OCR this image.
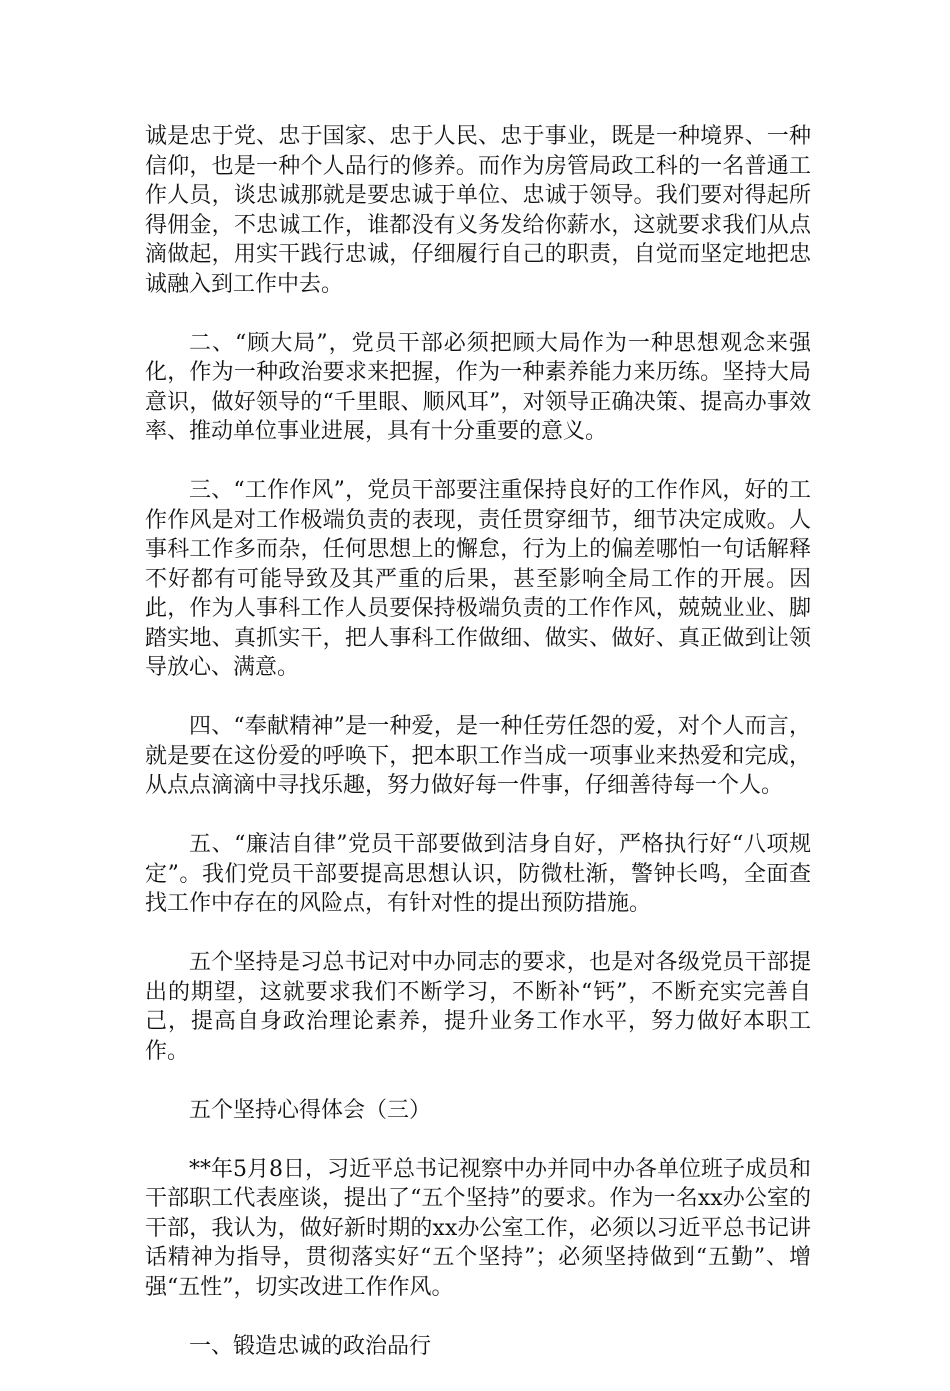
诚是忠于党、忠于国家、忠于人民、忠于事业，既是一种境界、一种信仰，也是一种个人品行的修养。而作为房管局政工科的一名普通工作人员，谈忠诚那就是要忠诚于单位、忠诚于领导。我们要对得起所得佣金，不忠诚工作，谁都没有义务发给你薪水，这就要求我们从点滴做起，用实干践行忠诚，仔细履行自己的职责，自觉而坚定地把忠诚融入到工作中去。

二、“顾大局”，党员干部必须把顾大局作为一种思想观念来强化，作为一种政治要求来把握，作为一种素养能力来历练。坚持大局意识，做好领导的“千里眼、顺风耳”，对领导正确决策、提高办事效率、推动单位事业进展，具有十分重要的意义。

三、“工作作风”，党员干部要注重保持良好的工作作风，好的工作作风是对工作极端负责的表现，责任贯穿细节，细节决定成败。人事科工作多而杂，任何思想上的懈怠，行为上的偏差哪怕一句话解释不好都有可能导致及其严重的后果，甚至影响全局工作的开展。因此，作为人事科工作人员要保持极端负责的工作作风，兢兢业业、脚踏实地、真抓实干，把人事科工作做细、做实、做好、真正做到让领导放心、满意。

四、“奉献精神”是一种爱，是一种任劳任怨的爱，对个人而言，就是要在这份爱的呼唤下，把本职工作当成一项事业来热爱和完成，从点点滴滴中寻找乐趣，努力做好每一件事，仔细善待每一个人。

五、“廉洁自律”党员干部要做到洁身自好，严格执行好“八项规定”。我们党员干部要提高思想认识，防微杜渐，警钟长鸣，全面查找工作中存在的风险点，有针对性的提出预防措施。

五个坚持是习总书记对中办同志的要求，也是对各级党员干部提出的期望，这就要求我们不断学习，不断补“钙”，不断充实完善自己，提高自身政治理论素养，提升业务工作水平，努力做好本职工作。

五个坚持心得体会（三）

**年5月8日，习近平总书记视察中办并同中办各单位班子成员和干部职工代表座谈，提出了“五个坚持”的要求。作为一名xx办公室的干部，我认为，做好新时期的xx办公室工作，必须以习近平总书记讲话精神为指导，贯彻落实好“五个坚持”；必须坚持做到“五勤”、增强“五性”，切实改进工作作风。

一、锻造忠诚的政治品行
